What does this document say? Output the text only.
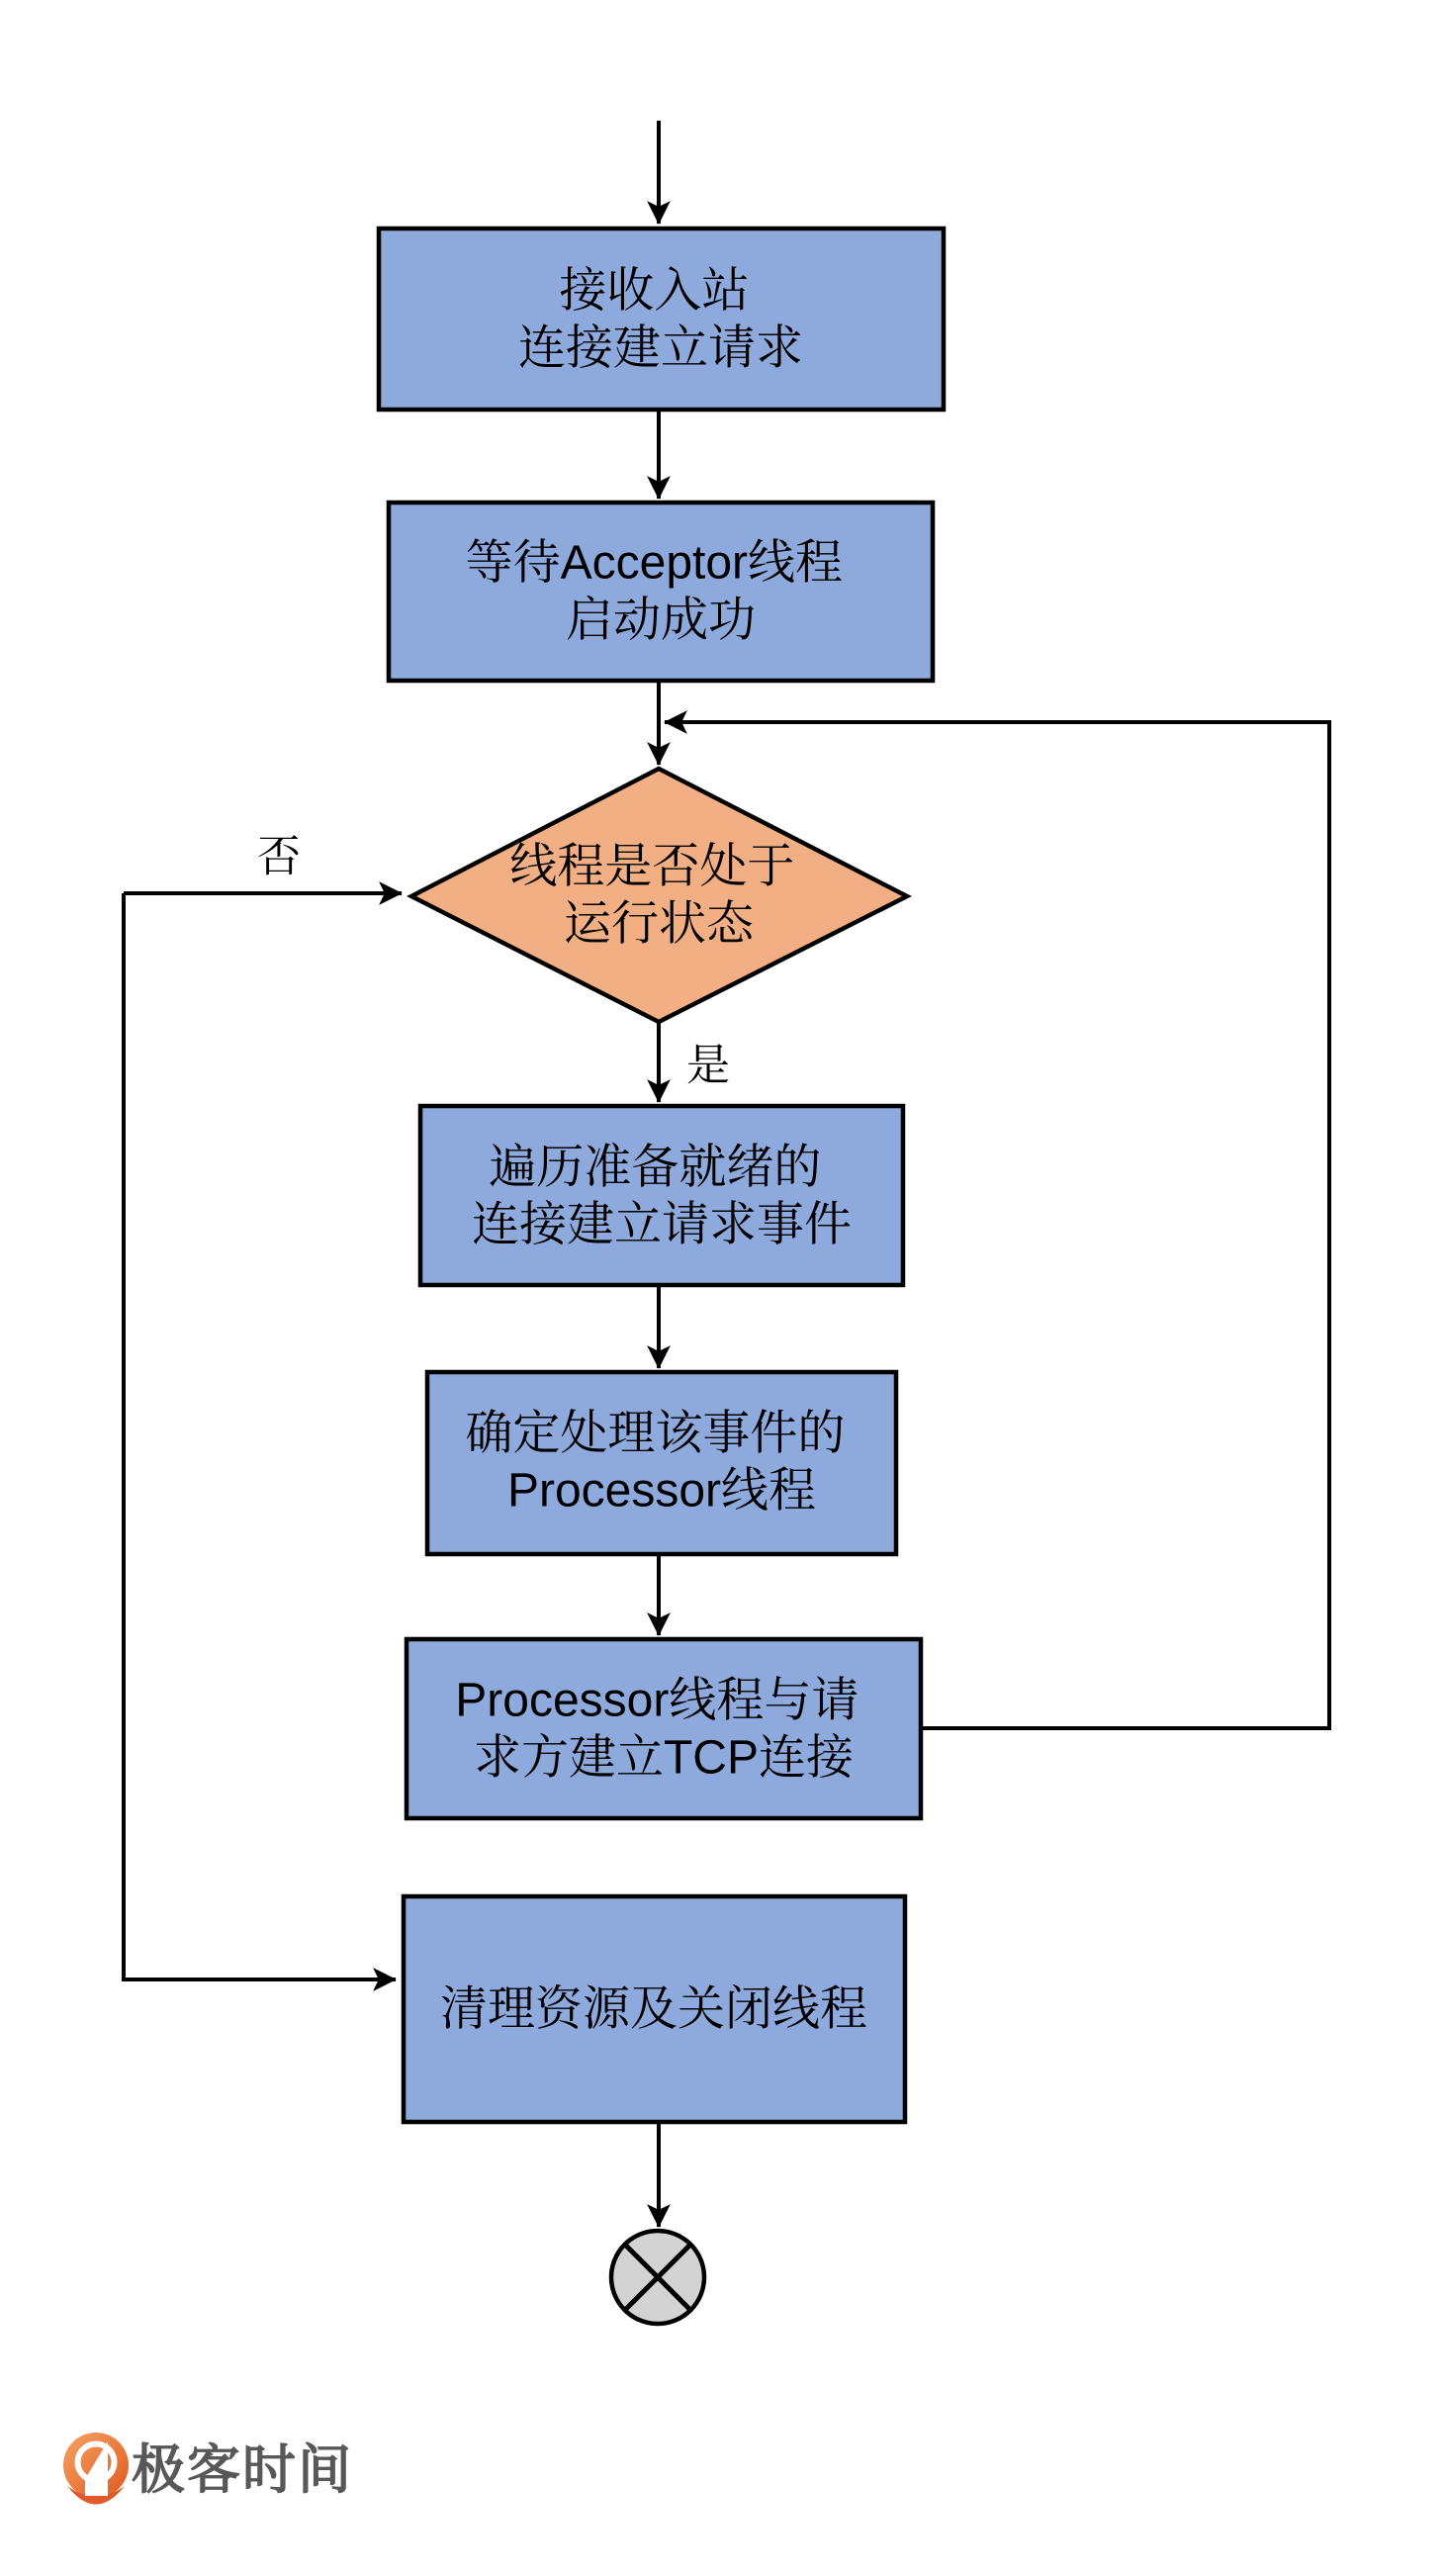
否
是
接收入站 连接建立请求
等待Acceptor线程 启动成功
线程是否处于 运行状态
遍历准备就绪的 连接建立请求事件
确定处理该事件的 Processor线程
Processor线程与请 求方建立TCP连接
清理资源及关闭线程
极客时间
